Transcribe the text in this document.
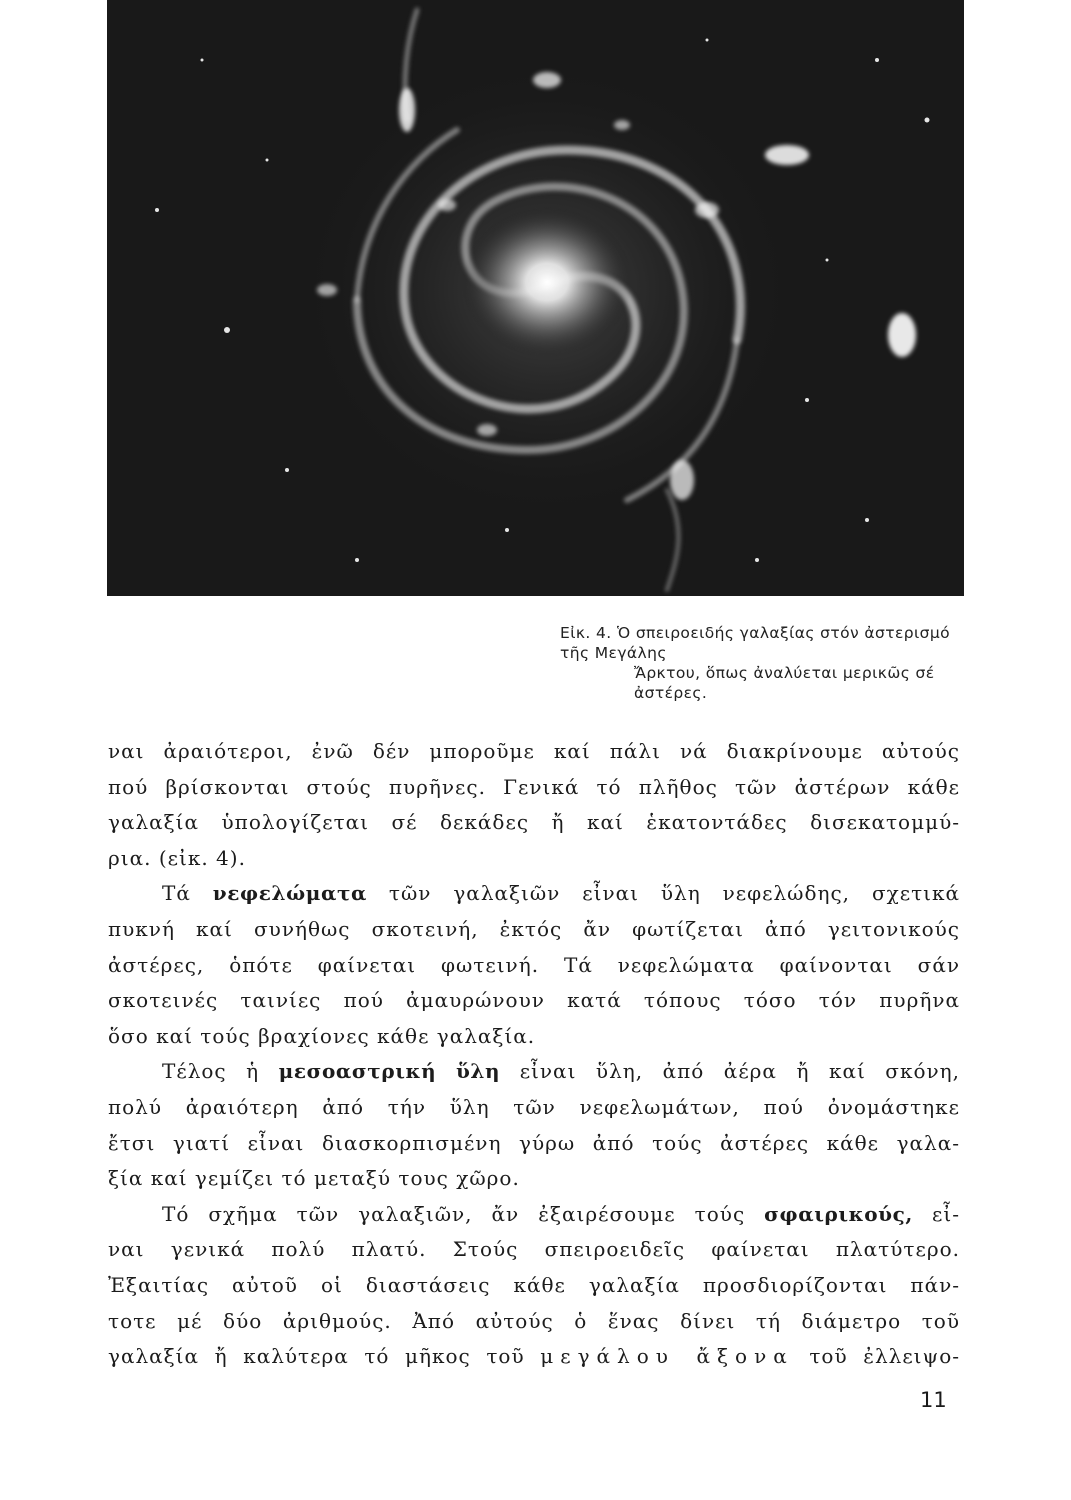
Εἰκ. 4. Ὁ σπειροειδής γαλαξίας στόν ἀστερισμό τῆς Μεγάλης
Ἄρκτου, ὅπως ἀναλύεται μερικῶς σέ ἀστέρες.
ναι ἀραιότεροι, ἐνῶ δέν μποροῦμε καί πάλι νά διακρίνουμε αὐτούς
πού βρίσκονται στούς πυρῆνες. Γενικά τό πλῆθος τῶν ἀστέρων κάθε
γαλαξία ὑπολογίζεται σέ δεκάδες ἤ καί ἑκατοντάδες δισεκατομμύ-
ρια. (εἰκ. 4).
Τά νεφελώματα τῶν γαλαξιῶν εἶναι ὕλη νεφελώδης, σχετικά
πυκνή καί συνήθως σκοτεινή, ἐκτός ἄν φωτίζεται ἀπό γειτονικούς
ἀστέρες, ὁπότε φαίνεται φωτεινή. Τά νεφελώματα φαίνονται σάν
σκοτεινές ταινίες πού ἀμαυρώνουν κατά τόπους τόσο τόν πυρῆνα
ὅσο καί τούς βραχίονες κάθε γαλαξία.
Τέλος ἡ μεσοαστρική ὕλη εἶναι ὕλη, ἀπό ἀέρα ἤ καί σκόνη,
πολύ ἀραιότερη ἀπό τήν ὕλη τῶν νεφελωμάτων, πού ὀνομάστηκε
ἔτσι γιατί εἶναι διασκορπισμένη γύρω ἀπό τούς ἀστέρες κάθε γαλα-
ξία καί γεμίζει τό μεταξύ τους χῶρο.
Τό σχῆμα τῶν γαλαξιῶν, ἄν ἐξαιρέσουμε τούς σφαιρικούς, εἶ-
ναι γενικά πολύ πλατύ. Στούς σπειροειδεῖς φαίνεται πλατύτερο.
Ἐξαιτίας αὐτοῦ οἱ διαστάσεις κάθε γαλαξία προσδιορίζονται πάν-
τοτε μέ δύο ἀριθμούς. Ἀπό αὐτούς ὁ ἕνας δίνει τή διάμετρο τοῦ
γαλαξία ἤ καλύτερα τό μῆκος τοῦ μεγάλου ἄξονα τοῦ ἐλλειψο-
11
